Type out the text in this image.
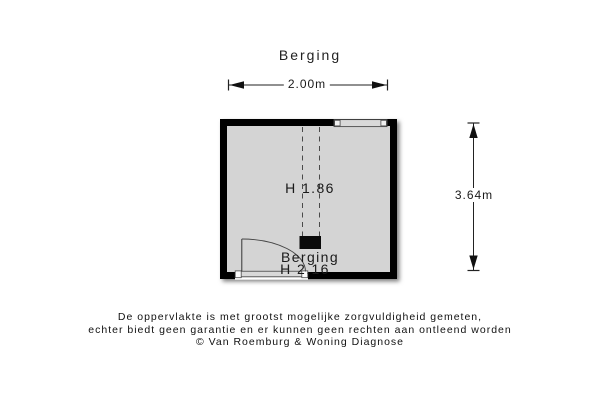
Berging
2.00m
3.64m
H 1.86
Berging
H 2.16
De oppervlakte is met grootst mogelijke zorgvuldigheid gemeten,
echter biedt geen garantie en er kunnen geen rechten aan ontleend worden
© Van Roemburg & Woning Diagnose
